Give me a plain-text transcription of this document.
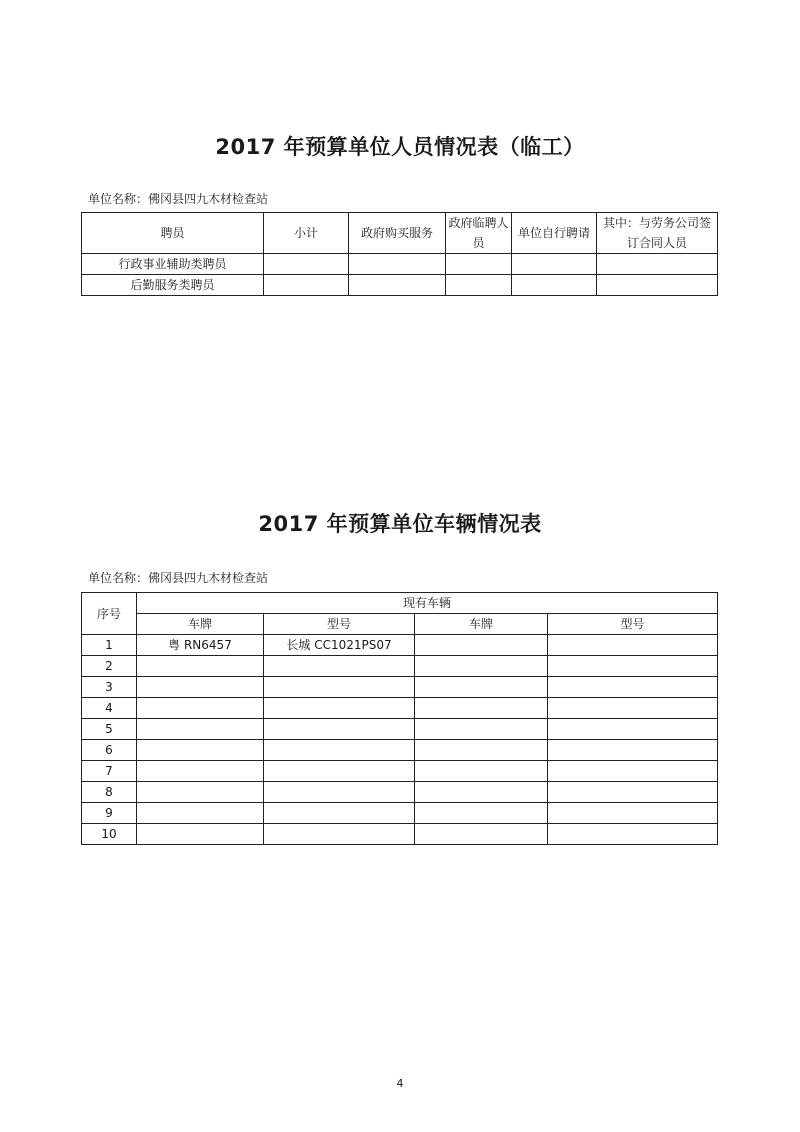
2017 年预算单位人员情况表（临工）
单位名称：佛冈县四九木材检查站
聘员	小计	政府购买服务	政府临聘人员	单位自行聘请	其中：与劳务公司签订合同人员
行政事业辅助类聘员					
后勤服务类聘员					
2017 年预算单位车辆情况表
单位名称：佛冈县四九木材检查站
序号	现有车辆			
	车牌	型号	车牌	型号
1	粤 RN6457	长城 CC1021PS07		
2				
3				
4				
5				
6				
7				
8				
9				
10				
4
